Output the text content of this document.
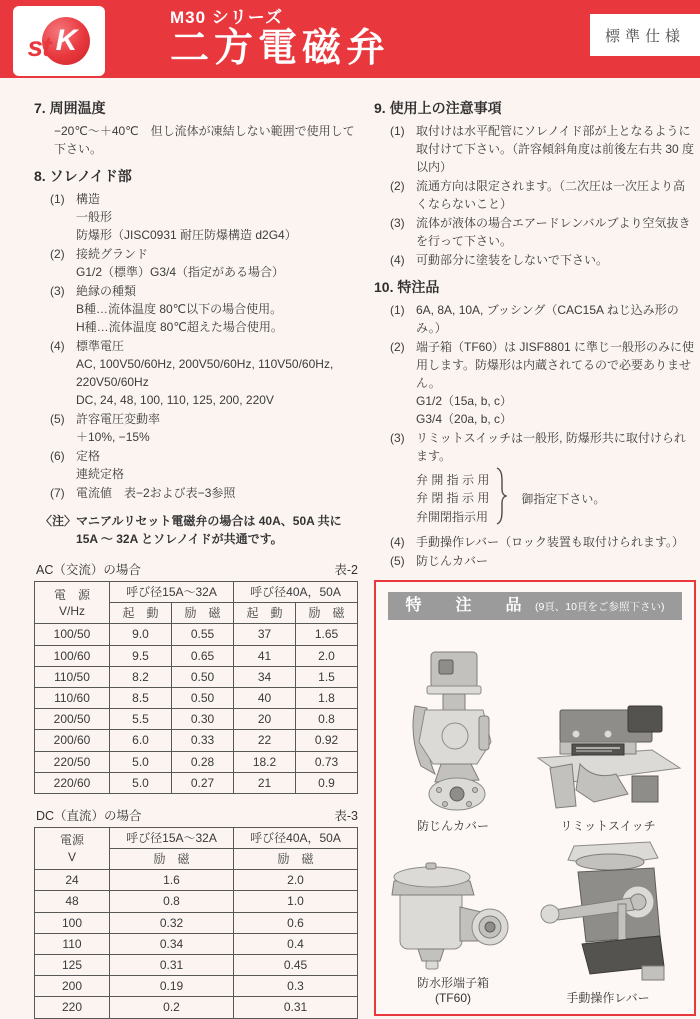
st K
M30 シリーズ
二方電磁弁	標準仕様
7. 周囲温度

−20℃〜＋40℃　但し流体が凍結しない範囲で使用して下さい。

8. ソレノイド部
(1) 構造
一般形
防爆形（JISC0931 耐圧防爆構造 d2G4）
(2) 接続グランド
G1/2（標準）G3/4（指定がある場合）
(3) 絶縁の種類
B種…流体温度 80℃以下の場合使用。
H種…流体温度 80℃超えた場合使用。
(4) 標準電圧
AC, 100V50/60Hz, 200V50/60Hz, 110V50/60Hz, 220V50/60Hz
DC, 24, 48, 100, 110, 125, 200, 220V
(5) 許容電圧変動率
＋10%, −15%
(6) 定格
連続定格
(7) 電流値　表−2および表−3参照
〈注〉 マニアルリセット電磁弁の場合は 40A、50A 共に 15A 〜 32A とソレノイドが共通です。
AC（交流）の場合	表-2
電　源
V/Hz	呼び径15A〜32A		呼び径40A，50A	
	起　動	励　磁	起　動	励　磁
100/50	9.0	0.55	37	1.65
100/60	9.5	0.65	41	2.0
110/50	8.2	0.50	34	1.5
110/60	8.5	0.50	40	1.8
200/50	5.5	0.30	20	0.8
200/60	6.0	0.33	22	0.92
220/50	5.0	0.28	18.2	0.73
220/60	5.0	0.27	21	0.9
DC（直流）の場合	表-3
電源
V	呼び径15A〜32A	呼び径40A，50A
	励　磁	励　磁
24	1.6	2.0
48	0.8	1.0
100	0.32	0.6
110	0.34	0.4
125	0.31	0.45
200	0.19	0.3
220	0.2	0.31
9. 使用上の注意事項
(1) 取付けは水平配管にソレノイド部が上となるように取付けて下さい。（許容傾斜角度は前後左右共 30 度以内）
(2) 流通方向は限定されます。（二次圧は一次圧より高くならないこと）
(3) 流体が液体の場合エアードレンバルブより空気抜きを行って下さい。
(4) 可動部分に塗装をしないで下さい。
10. 特注品
(1) 6A, 8A, 10A, ブッシング（CAC15A ねじ込み形のみ。）
(2) 端子箱（TF60）は JISF8801 に準じ一般形のみに使用します。防爆形は内蔵されてるので必要ありません。
G1/2（15a, b, c）
G3/4（20a, b, c）
(3) リミットスイッチは一般形, 防爆形共に取付けられます。
弁 開 指 示 用
弁 閉 指 示 用
弁開閉指示用
御指定下さい。
(4) 手動操作レバー（ロック装置も取付けられます。）
(5) 防じんカバー
特　注　品 (9頁、10頁をご参照下さい)
防じんカバー	リミットスイッチ
防水形端子箱
(TF60)	手動操作レバー
